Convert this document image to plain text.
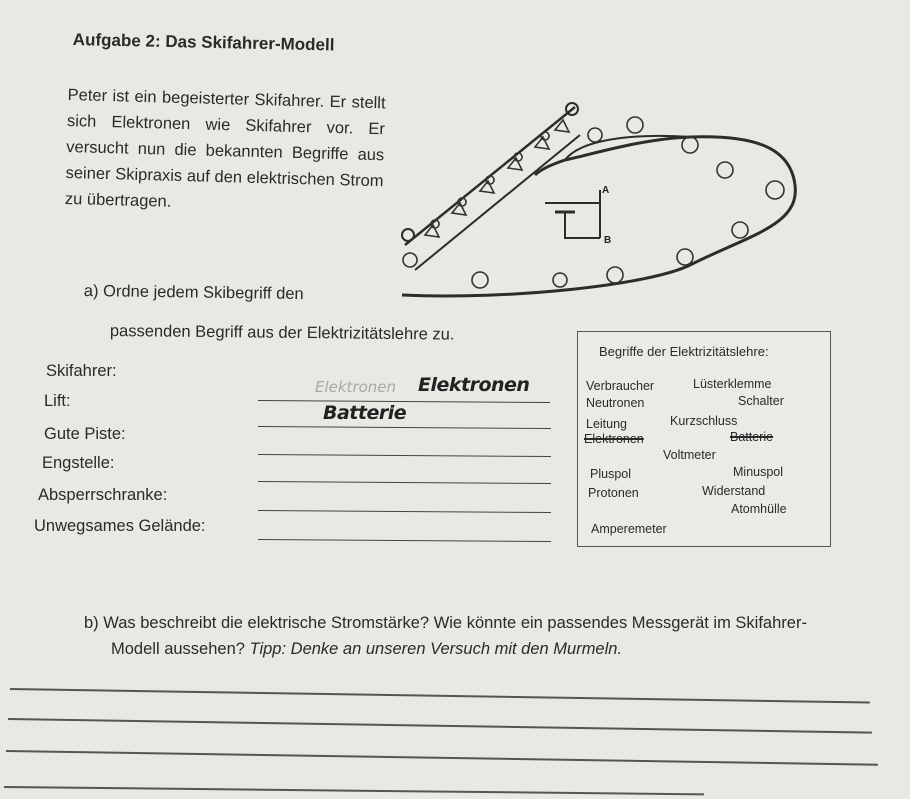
Aufgabe 2: Das Skifahrer-Modell
Peter ist ein begeisterter Skifahrer. Er stellt sich Elektronen wie Skifahrer vor. Er versucht nun die bekannten Begriffe aus seiner Skipraxis auf den elektrischen Strom zu übertragen.	A
B
a) Ordne jedem Skibegriff den
passenden Begriff aus der Elektrizitätslehre zu.
Skifahrer:
Elektronen Elektronen
Lift:
Batterie
Gute Piste:
Engstelle:
Absperrschranke:
Unwegsames Gelände:
Begriffe der Elektrizitätslehre:
Verbraucher	Lüsterklemme
Neutronen	Schalter
Leitung	Kurzschluss
Elektronen	Batterie
Voltmeter
Pluspol	Minuspol
Protonen	Widerstand
Atomhülle
Amperemeter
b) Was beschreibt die elektrische Stromstärke? Wie könnte ein passendes Messgerät im Skifahrer-
Modell aussehen? Tipp: Denke an unseren Versuch mit den Murmeln.
